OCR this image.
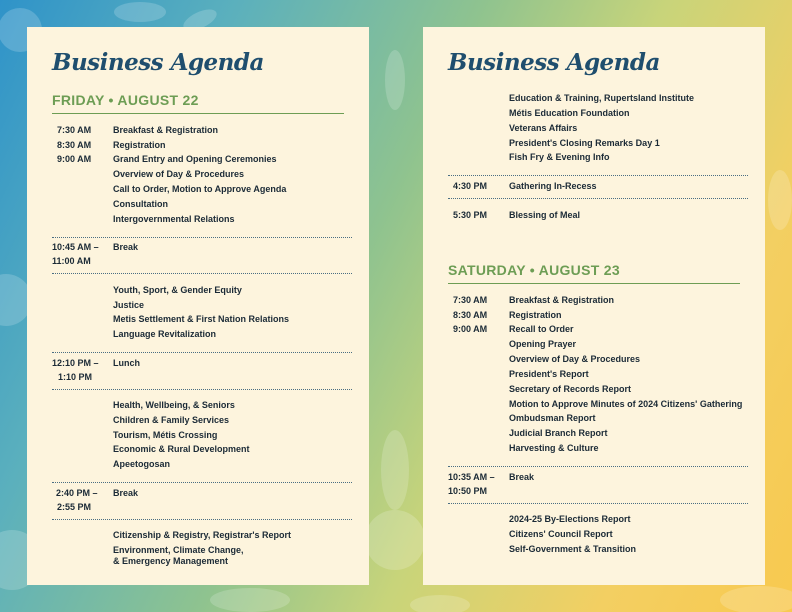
Business Agenda
FRIDAY • AUGUST 22
7:30 AM	Breakfast & Registration
8:30 AM	Registration
9:00 AM	Grand Entry and Opening Ceremonies
Overview of Day & Procedures
Call to Order, Motion to Approve Agenda
Consultation
Intergovernmental Relations
10:45 AM –	Break
11:00 AM
Youth, Sport, & Gender Equity
Justice
Metis Settlement & First Nation Relations
Language Revitalization
12:10 PM –	Lunch
1:10 PM
Health, Wellbeing, & Seniors
Children & Family Services
Tourism, Métis Crossing
Economic & Rural Development
Apeetogosan
2:40 PM –	Break
2:55 PM
Citizenship & Registry, Registrar's Report
Environment, Climate Change,
& Emergency Management
Business Agenda
Education & Training, Rupertsland Institute
Métis Education Foundation
Veterans Affairs
President's Closing Remarks Day 1
Fish Fry & Evening Info
4:30 PM	Gathering In-Recess
5:30 PM	Blessing of Meal
SATURDAY • AUGUST 23
7:30 AM	Breakfast & Registration
8:30 AM	Registration
9:00 AM	Recall to Order
Opening Prayer
Overview of Day & Procedures
President's Report
Secretary of Records Report
Motion to Approve Minutes of 2024 Citizens' Gathering
Ombudsman Report
Judicial Branch Report
Harvesting & Culture
10:35 AM –	Break
10:50 PM
2024-25 By-Elections Report
Citizens' Council Report
Self-Government & Transition
